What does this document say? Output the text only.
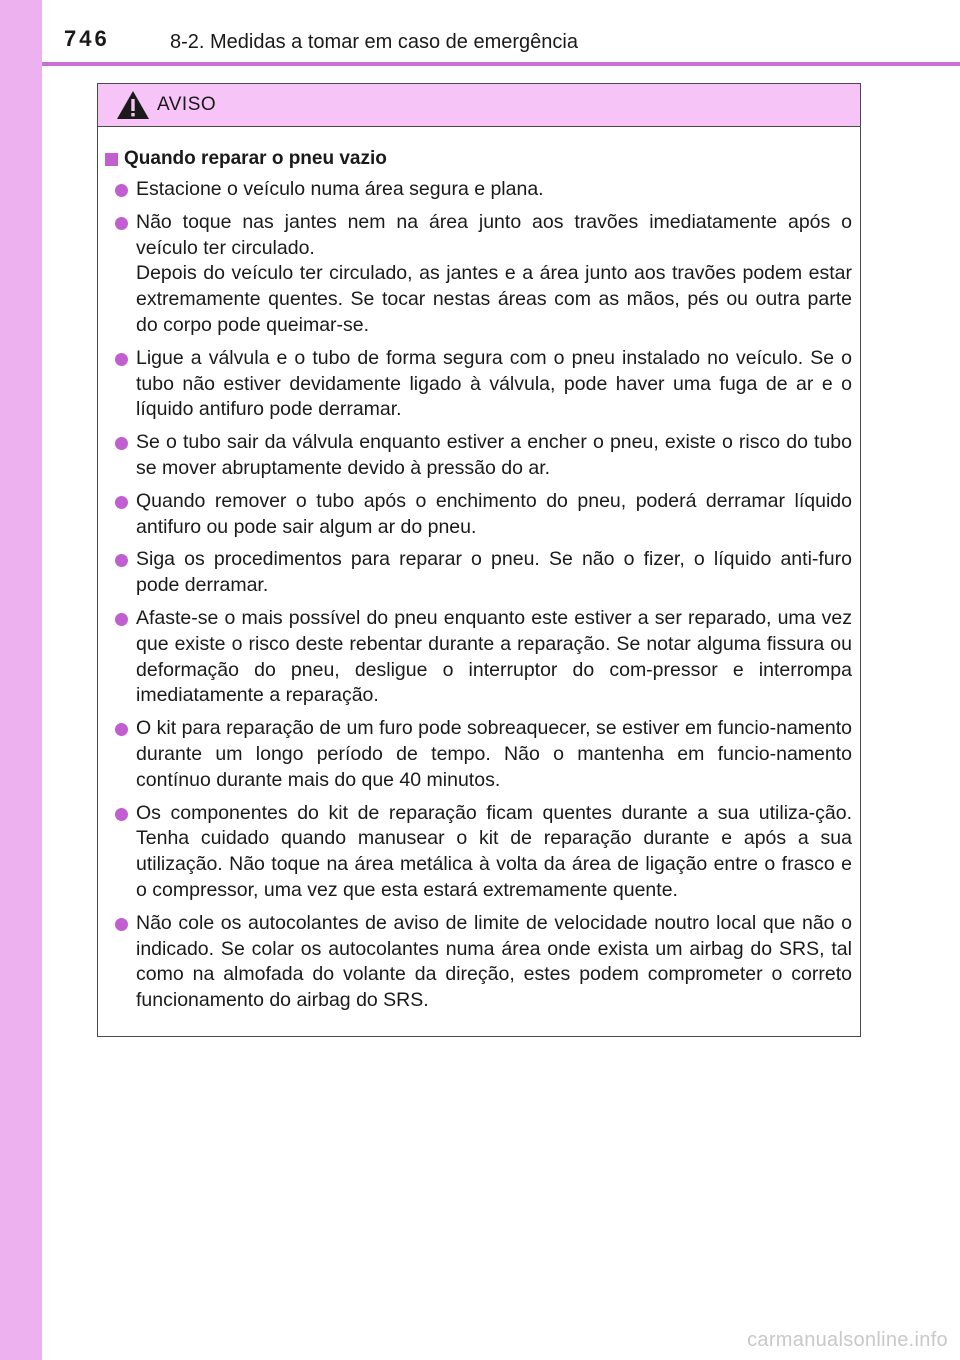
746	8-2. Medidas a tomar em caso de emergência
AVISO
Quando reparar o pneu vazio
Estacione o veículo numa área segura e plana.
Não toque nas jantes nem na área junto aos travões imediatamente após o veículo ter circulado.
Depois do veículo ter circulado, as jantes e a área junto aos travões podem estar extremamente quentes. Se tocar nestas áreas com as mãos, pés ou outra parte do corpo pode queimar-se.
Ligue a válvula e o tubo de forma segura com o pneu instalado no veículo. Se o tubo não estiver devidamente ligado à válvula, pode haver uma fuga de ar e o líquido antifuro pode derramar.
Se o tubo sair da válvula enquanto estiver a encher o pneu, existe o risco do tubo se mover abruptamente devido à pressão do ar.
Quando remover o tubo após o enchimento do pneu, poderá derramar líquido antifuro ou pode sair algum ar do pneu.
Siga os procedimentos para reparar o pneu. Se não o fizer, o líquido anti-furo pode derramar.
Afaste-se o mais possível do pneu enquanto este estiver a ser reparado, uma vez que existe o risco deste rebentar durante a reparação. Se notar alguma fissura ou deformação do pneu, desligue o interruptor do com-pressor e interrompa imediatamente a reparação.
O kit para reparação de um furo pode sobreaquecer, se estiver em funcio-namento durante um longo período de tempo. Não o mantenha em funcio-namento contínuo durante mais do que 40 minutos.
Os componentes do kit de reparação ficam quentes durante a sua utiliza-ção. Tenha cuidado quando manusear o kit de reparação durante e após a sua utilização. Não toque na área metálica à volta da área de ligação entre o frasco e o compressor, uma vez que esta estará extremamente quente.
Não cole os autocolantes de aviso de limite de velocidade noutro local que não o indicado. Se colar os autocolantes numa área onde exista um airbag do SRS, tal como na almofada do volante da direção, estes podem comprometer o correto funcionamento do airbag do SRS.
carmanualsonline.info
